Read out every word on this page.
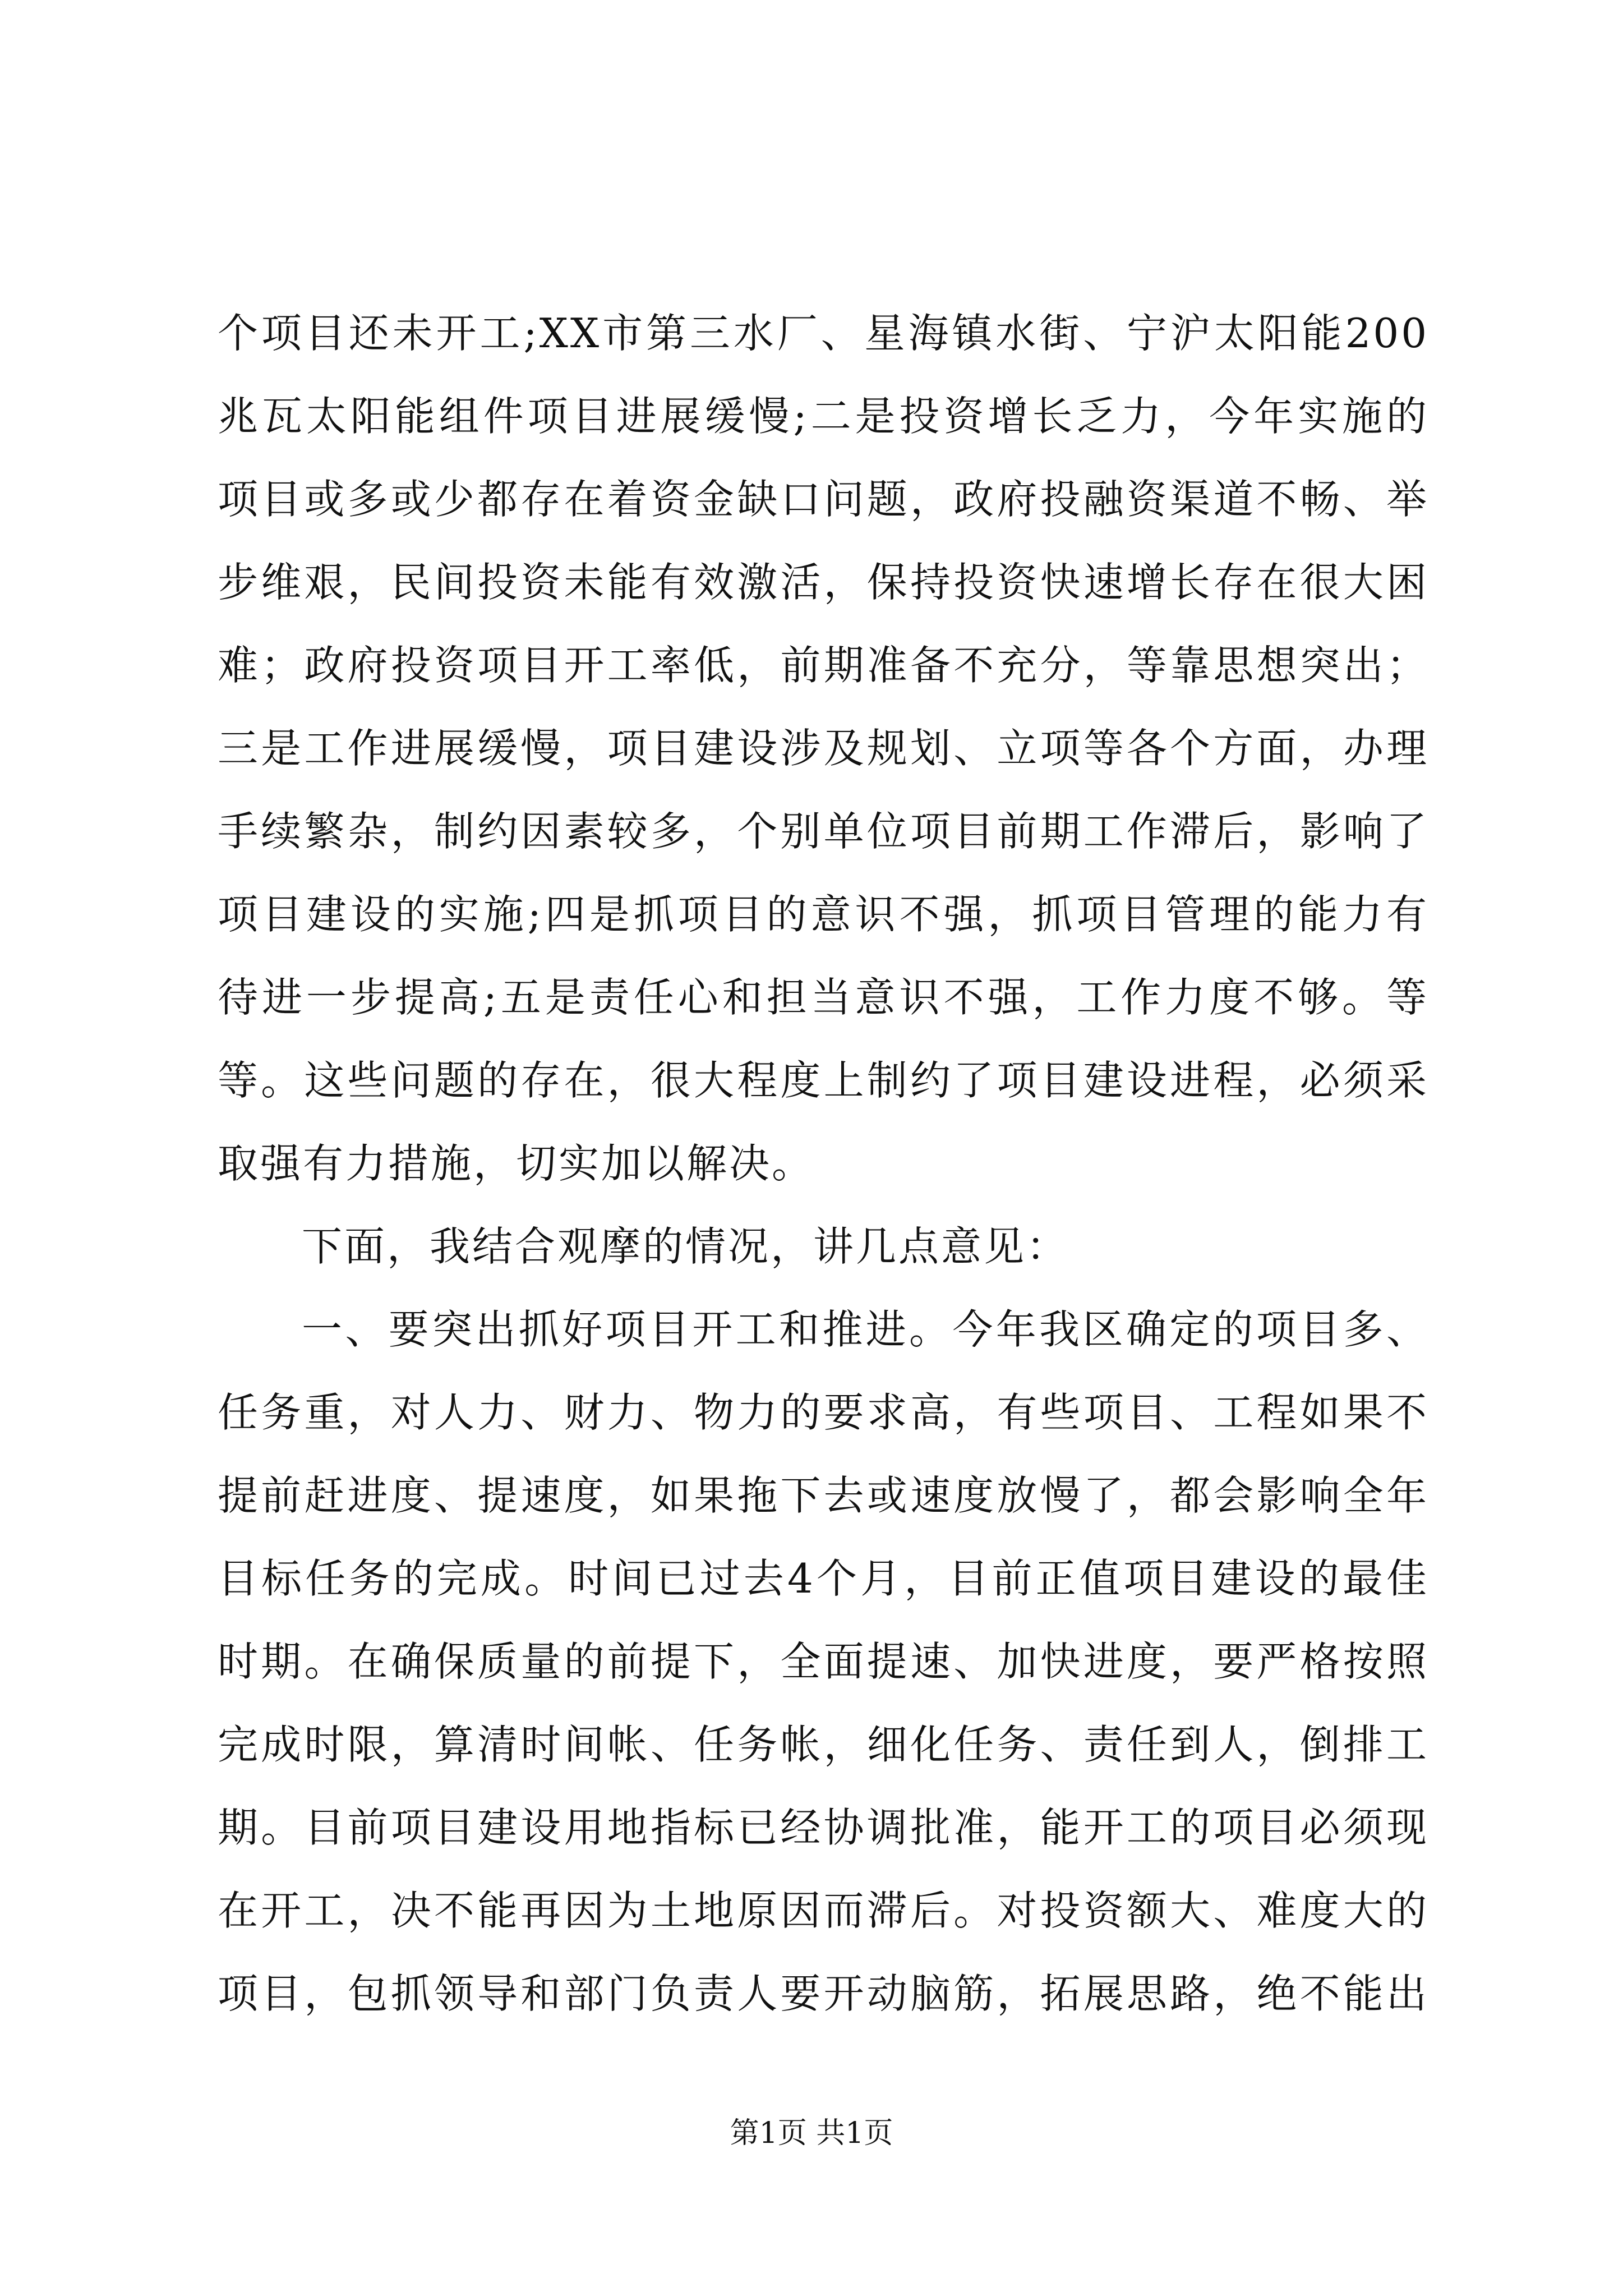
个项目还未开工;XX市第三水厂、星海镇水街、宁沪太阳能200
兆瓦太阳能组件项目进展缓慢;二是投资增长乏力，今年实施的
项目或多或少都存在着资金缺口问题，政府投融资渠道不畅、举
步维艰，民间投资未能有效激活，保持投资快速增长存在很大困
难；政府投资项目开工率低，前期准备不充分，等靠思想突出；
三是工作进展缓慢，项目建设涉及规划、立项等各个方面，办理
手续繁杂，制约因素较多，个别单位项目前期工作滞后，影响了
项目建设的实施;四是抓项目的意识不强，抓项目管理的能力有
待进一步提高;五是责任心和担当意识不强，工作力度不够。等
等。这些问题的存在，很大程度上制约了项目建设进程，必须采
取强有力措施，切实加以解决。
下面，我结合观摩的情况，讲几点意见：
一、要突出抓好项目开工和推进。今年我区确定的项目多、
任务重，对人力、财力、物力的要求高，有些项目、工程如果不
提前赶进度、提速度，如果拖下去或速度放慢了，都会影响全年
目标任务的完成。时间已过去4个月，目前正值项目建设的最佳
时期。在确保质量的前提下，全面提速、加快进度，要严格按照
完成时限，算清时间帐、任务帐，细化任务、责任到人，倒排工
期。目前项目建设用地指标已经协调批准，能开工的项目必须现
在开工，决不能再因为土地原因而滞后。对投资额大、难度大的
项目，包抓领导和部门负责人要开动脑筋，拓展思路，绝不能出
第1页 共1页
